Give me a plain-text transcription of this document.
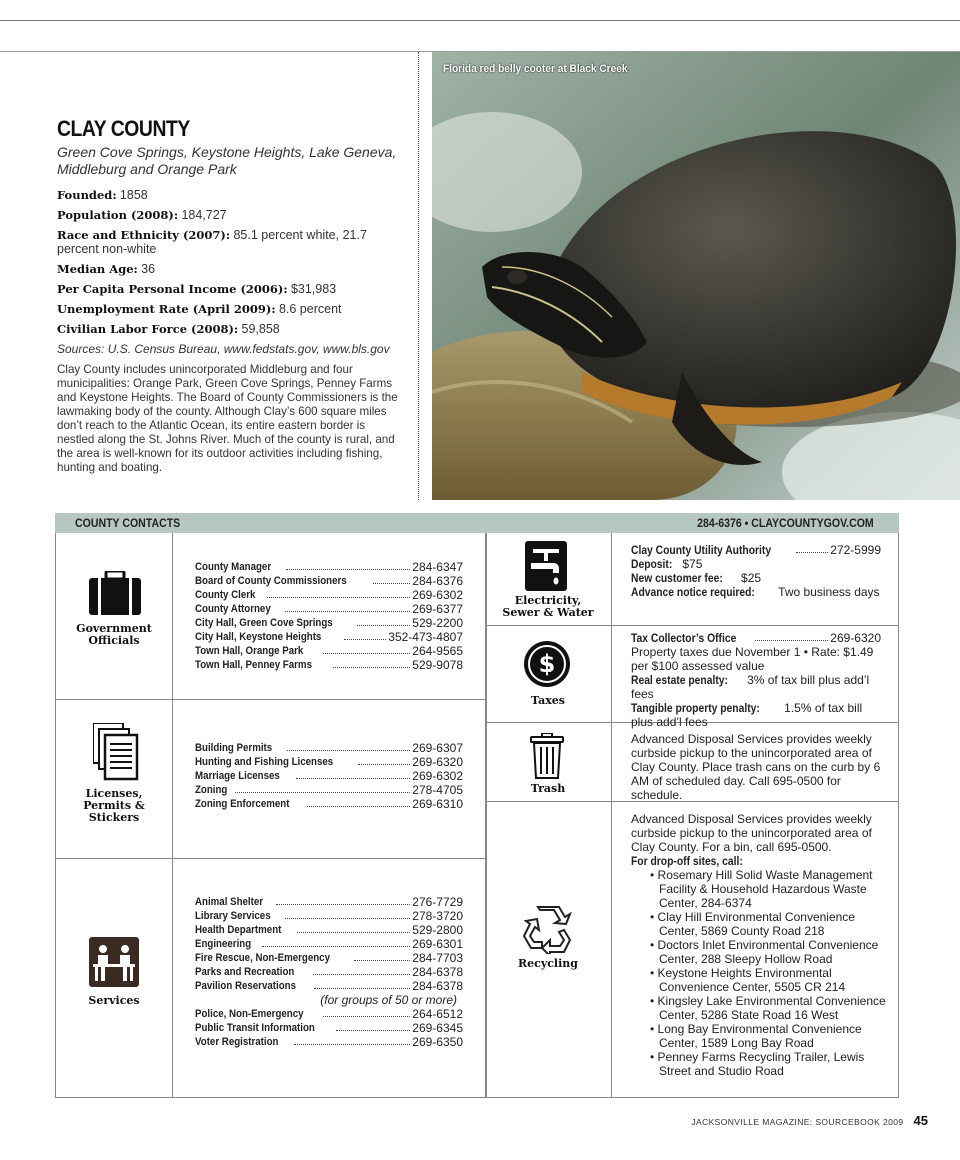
CLAY COUNTY
Green Cove Springs, Keystone Heights, Lake Geneva, Middleburg and Orange Park
Founded: 1858
Population (2008): 184,727
Race and Ethnicity (2007): 85.1 percent white, 21.7 percent non-white
Median Age: 36
Per Capita Personal Income (2006): $31,983
Unemployment Rate (April 2009): 8.6 percent
Civilian Labor Force (2008): 59,858
Sources: U.S. Census Bureau, www.fedstats.gov, www.bls.gov
Clay County includes unincorporated Middleburg and four municipalities: Orange Park, Green Cove Springs, Penney Farms and Keystone Heights. The Board of County Commissioners is the lawmaking body of the county. Although Clay’s 600 square miles don’t reach to the Atlantic Ocean, its entire eastern border is nestled along the St. Johns River. Much of the county is rural, and the area is well-known for its outdoor activities including fishing, hunting and boating.
Florida red belly cooter at Black Creek
COUNTY CONTACTS	284-6376 • CLAYCOUNTYGOV.COM
Government Officials
County Manager	284-6347
Board of County Commissioners	284-6376
County Clerk	269-6302
County Attorney	269-6377
City Hall, Green Cove Springs	529-2200
City Hall, Keystone Heights	352-473-4807
Town Hall, Orange Park	264-9565
Town Hall, Penney Farms	529-9078
Licenses, Permits & Stickers
Building Permits	269-6307
Hunting and Fishing Licenses	269-6320
Marriage Licenses	269-6302
Zoning	278-4705
Zoning Enforcement	269-6310
Services
Animal Shelter	276-7729
Library Services	278-3720
Health Department	529-2800
Engineering	269-6301
Fire Rescue, Non-Emergency	284-7703
Parks and Recreation	284-6378
Pavilion Reservations	284-6378
(for groups of 50 or more)
Police, Non-Emergency	264-6512
Public Transit Information	269-6345
Voter Registration	269-6350
Electricity, Sewer & Water
Clay County Utility Authority	272-5999
Deposit: $75
New customer fee: $25
Advance notice required: Two business days
$
Taxes
Tax Collector’s Office	269-6320
Property taxes due November 1 • Rate: $1.49 per $100 assessed value
Real estate penalty: 3% of tax bill plus add’l fees
Tangible property penalty: 1.5% of tax bill plus add’l fees
Trash
Advanced Disposal Services provides weekly curbside pickup to the unincorporated area of Clay County. Place trash cans on the curb by 6 AM of scheduled day. Call 695-0500 for schedule.
Recycling
Advanced Disposal Services provides weekly curbside pickup to the unincorporated area of Clay County. For a bin, call 695-0500.
For drop-off sites, call:
• Rosemary Hill Solid Waste Management Facility & Household Hazardous Waste Center, 284-6374
• Clay Hill Environmental Convenience Center, 5869 County Road 218
• Doctors Inlet Environmental Convenience Center, 288 Sleepy Hollow Road
• Keystone Heights Environmental Convenience Center, 5505 CR 214
• Kingsley Lake Environmental Convenience Center, 5286 State Road 16 West
• Long Bay Environmental Convenience Center, 1589 Long Bay Road
• Penney Farms Recycling Trailer, Lewis Street and Studio Road
JACKSONVILLE MAGAZINE: SOURCEBOOK 2009 45
